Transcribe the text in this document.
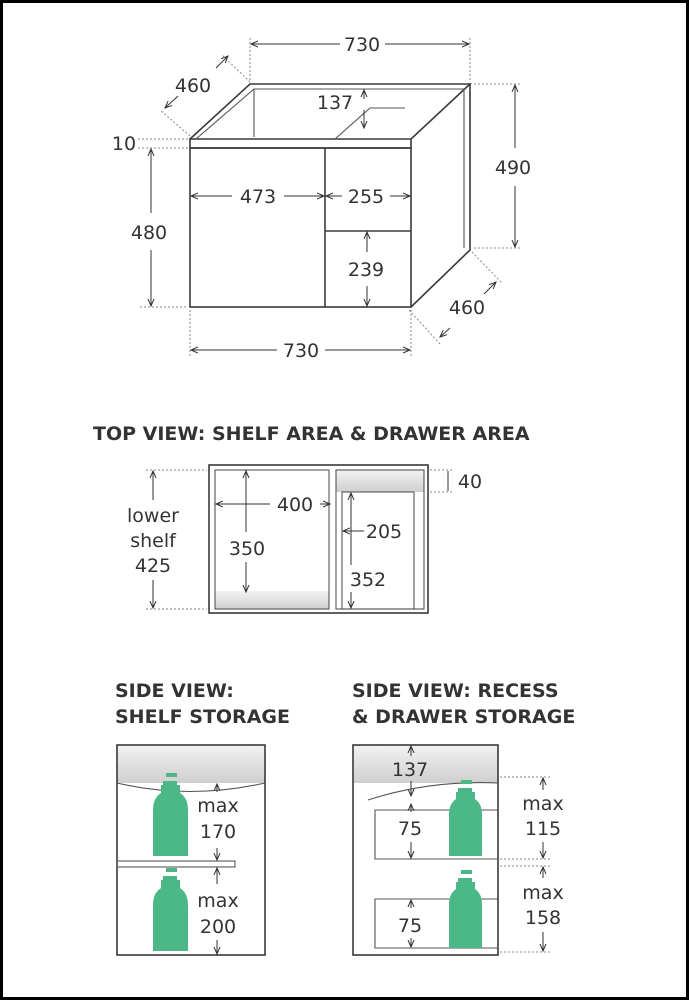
730
460
137
10
480
490
473	255
239
460
730
TOP VIEW: SHELF AREA & DRAWER AREA
lower
shelf
425
400
350
40
205
352
SIDE VIEW:
SHELF STORAGE
max
170
max
200
SIDE VIEW: RECESS
& DRAWER STORAGE
137
75
75
max
115
max
158
